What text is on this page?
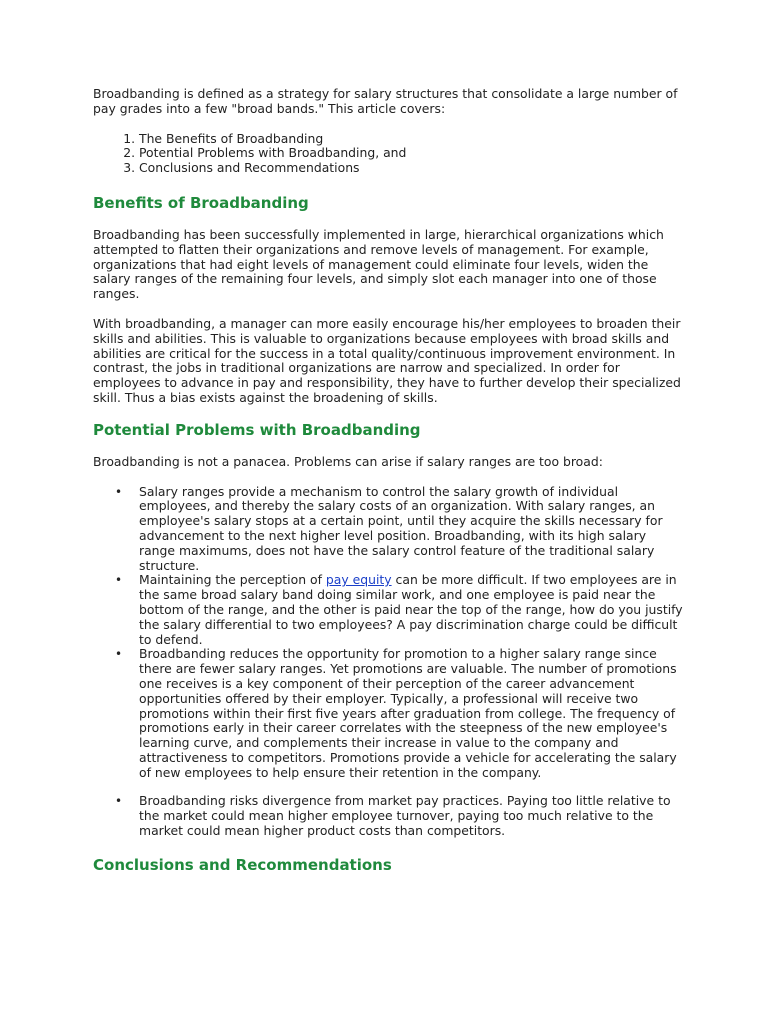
Broadbanding is defined as a strategy for salary structures that consolidate a large number of pay grades into a few "broad bands." This article covers:

1. The Benefits of Broadbanding
2. Potential Problems with Broadbanding, and
3. Conclusions and Recommendations
Benefits of Broadbanding

Broadbanding has been successfully implemented in large, hierarchical organizations which attempted to flatten their organizations and remove levels of management. For example, organizations that had eight levels of management could eliminate four levels, widen the salary ranges of the remaining four levels, and simply slot each manager into one of those ranges.

With broadbanding, a manager can more easily encourage his/her employees to broaden their skills and abilities. This is valuable to organizations because employees with broad skills and abilities are critical for the success in a total quality/continuous improvement environment. In contrast, the jobs in traditional organizations are narrow and specialized. In order for employees to advance in pay and responsibility, they have to further develop their specialized skill. Thus a bias exists against the broadening of skills.

Potential Problems with Broadbanding

Broadbanding is not a panacea. Problems can arise if salary ranges are too broad:

• Salary ranges provide a mechanism to control the salary growth of individual employees, and thereby the salary costs of an organization. With salary ranges, an employee's salary stops at a certain point, until they acquire the skills necessary for advancement to the next higher level position. Broadbanding, with its high salary range maximums, does not have the salary control feature of the traditional salary structure.
• Maintaining the perception of pay equity can be more difficult. If two employees are in the same broad salary band doing similar work, and one employee is paid near the bottom of the range, and the other is paid near the top of the range, how do you justify the salary differential to two employees? A pay discrimination charge could be difficult to defend.
• Broadbanding reduces the opportunity for promotion to a higher salary range since there are fewer salary ranges. Yet promotions are valuable. The number of promotions one receives is a key component of their perception of the career advancement opportunities offered by their employer. Typically, a professional will receive two promotions within their first five years after graduation from college. The frequency of promotions early in their career correlates with the steepness of the new employee's learning curve, and complements their increase in value to the company and attractiveness to competitors. Promotions provide a vehicle for accelerating the salary of new employees to help ensure their retention in the company.
• Broadbanding risks divergence from market pay practices. Paying too little relative to the market could mean higher employee turnover, paying too much relative to the market could mean higher product costs than competitors.
Conclusions and Recommendations
